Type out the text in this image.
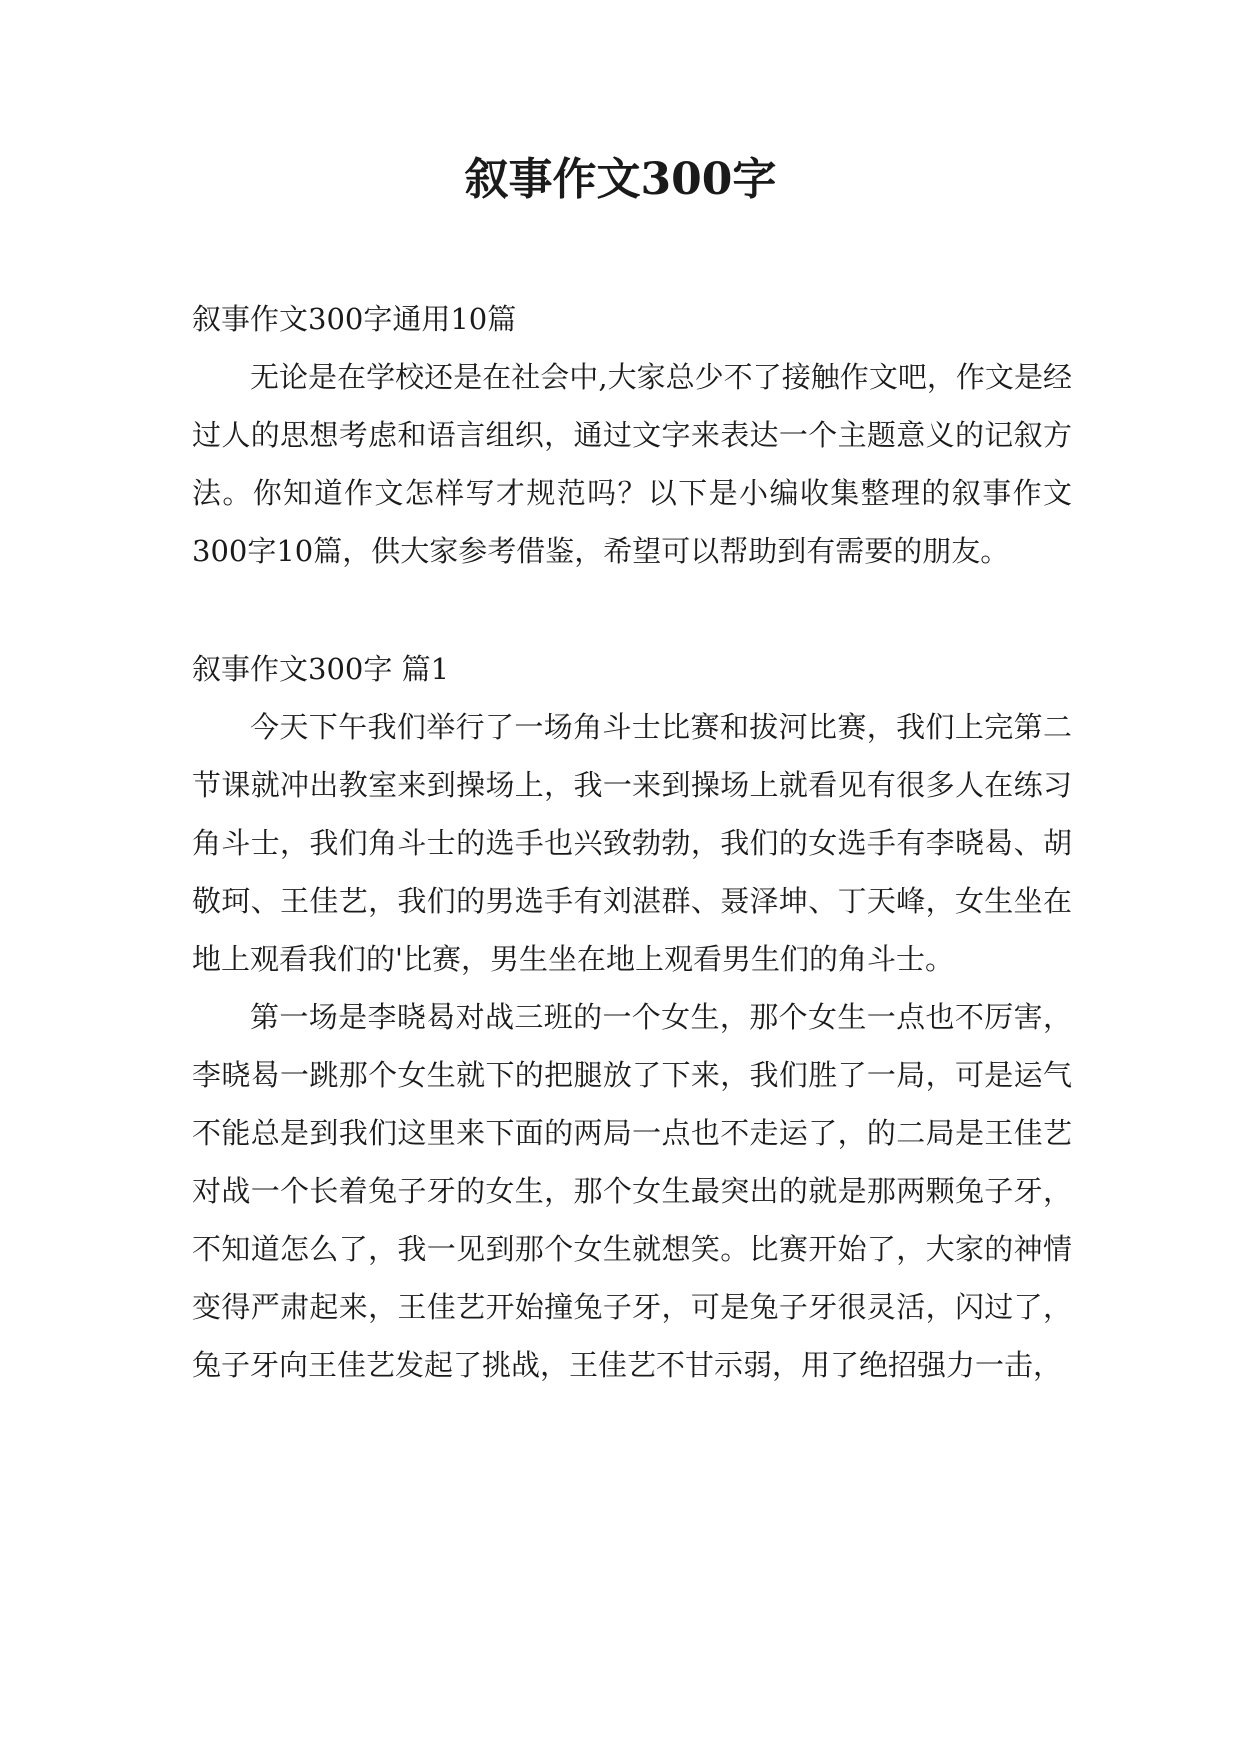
叙事作文300字
叙事作文300字通用10篇

无论是在学校还是在社会中,大家总少不了接触作文吧，作文是经过人的思想考虑和语言组织，通过文字来表达一个主题意义的记叙方法。你知道作文怎样写才规范吗？以下是小编收集整理的叙事作文300字10篇，供大家参考借鉴，希望可以帮助到有需要的朋友。

叙事作文300字 篇1

今天下午我们举行了一场角斗士比赛和拔河比赛，我们上完第二节课就冲出教室来到操场上，我一来到操场上就看见有很多人在练习角斗士，我们角斗士的选手也兴致勃勃，我们的女选手有李晓曷、胡敬珂、王佳艺，我们的男选手有刘湛群、聂泽坤、丁天峰，女生坐在地上观看我们的'比赛，男生坐在地上观看男生们的角斗士。

第一场是李晓曷对战三班的一个女生，那个女生一点也不厉害，李晓曷一跳那个女生就下的把腿放了下来，我们胜了一局，可是运气不能总是到我们这里来下面的两局一点也不走运了，的二局是王佳艺对战一个长着兔子牙的女生，那个女生最突出的就是那两颗兔子牙，不知道怎么了，我一见到那个女生就想笑。比赛开始了，大家的神情变得严肃起来，王佳艺开始撞兔子牙，可是兔子牙很灵活，闪过了，兔子牙向王佳艺发起了挑战，王佳艺不甘示弱，用了绝招强力一击，
